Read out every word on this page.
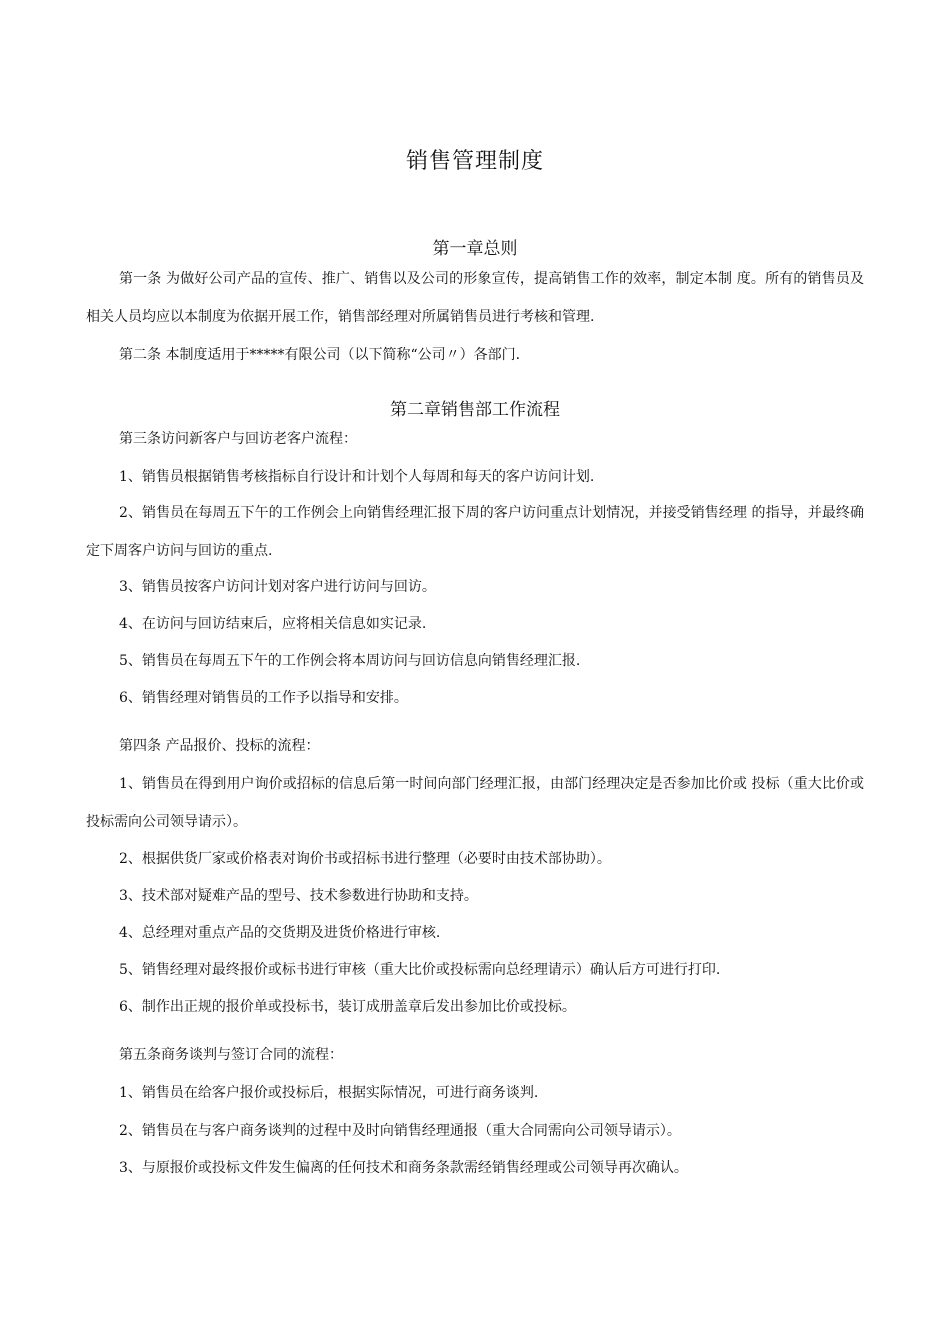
销售管理制度
第一章总则
第一条 为做好公司产品的宣传、推广、销售以及公司的形象宣传，提高销售工作的效率，制定本制 度。所有的销售员及相关人员均应以本制度为依据开展工作，销售部经理对所属销售员进行考核和管理.
第二条 本制度适用于*****有限公司（以下简称“公司〃）各部门.
第二章销售部工作流程
第三条访问新客户与回访老客户流程：
1、销售员根据销售考核指标自行设计和计划个人每周和每天的客户访问计划.
2、销售员在每周五下午的工作例会上向销售经理汇报下周的客户访问重点计划情况，并接受销售经理 的指导，并最终确定下周客户访问与回访的重点.
3、销售员按客户访问计划对客户进行访问与回访。
4、在访问与回访结束后，应将相关信息如实记录.
5、销售员在每周五下午的工作例会将本周访问与回访信息向销售经理汇报.
6、销售经理对销售员的工作予以指导和安排。
第四条 产品报价、投标的流程：
1、销售员在得到用户询价或招标的信息后第一时间向部门经理汇报，由部门经理决定是否参加比价或 投标（重大比价或投标需向公司领导请示）。
2、根据供货厂家或价格表对询价书或招标书进行整理（必要时由技术部协助）。
3、技术部对疑难产品的型号、技术参数进行协助和支持。
4、总经理对重点产品的交货期及进货价格进行审核.
5、销售经理对最终报价或标书进行审核（重大比价或投标需向总经理请示）确认后方可进行打印.
6、制作出正规的报价单或投标书，装订成册盖章后发出参加比价或投标。
第五条商务谈判与签订合同的流程：
1、销售员在给客户报价或投标后，根据实际情况，可进行商务谈判.
2、销售员在与客户商务谈判的过程中及时向销售经理通报（重大合同需向公司领导请示）。
3、与原报价或投标文件发生偏离的任何技术和商务条款需经销售经理或公司领导再次确认。
